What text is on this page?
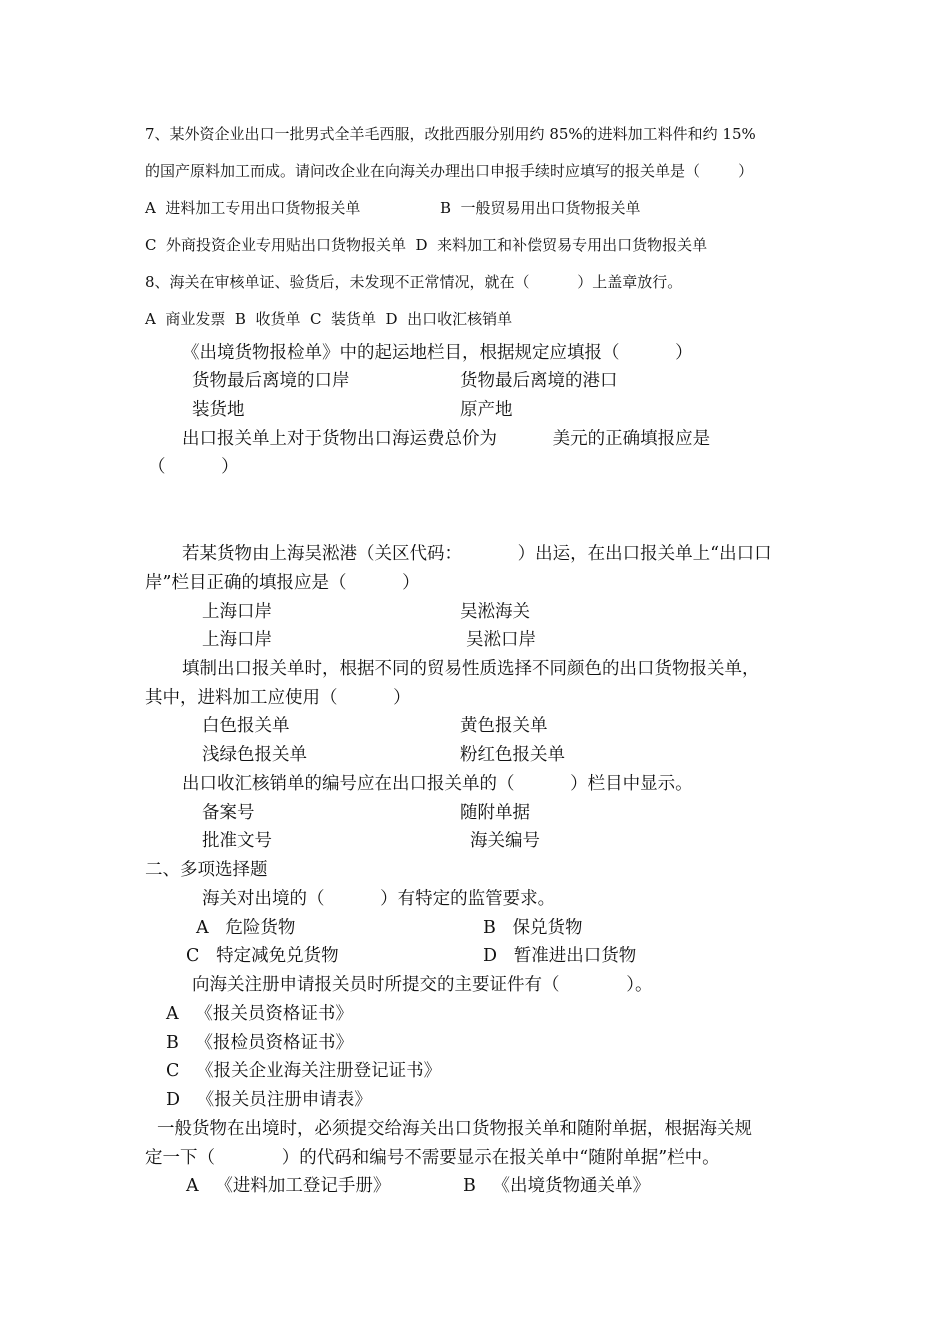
7、某外资企业出口一批男式全羊毛西服，改批西服分别用约 85%的进料加工料件和约 15%
的国产原料加工而成。请问改企业在向海关办理出口申报手续时应填写的报关单是（        ）
A  进料加工专用出口货物报关单	B  一般贸易用出口货物报关单
C  外商投资企业专用贴出口货物报关单  D  来料加工和补偿贸易专用出口货物报关单
8、海关在审核单证、验货后，未发现不正常情况，就在（          ）上盖章放行。
A  商业发票  B  收货单  C  装货单  D  出口收汇核销单
《出境货物报检单》中的起运地栏目，根据规定应填报（          ）
货物最后离境的口岸	货物最后离境的港口
装货地	原产地
出口报关单上对于货物出口海运费总价为          美元的正确填报应是
（          ）
若某货物由上海吴淞港（关区代码：          ）出运，在出口报关单上“出口口
岸”栏目正确的填报应是（          ）
上海口岸	吴淞海关
上海口岸	吴淞口岸
填制出口报关单时，根据不同的贸易性质选择不同颜色的出口货物报关单，
其中，进料加工应使用（          ）
白色报关单	黄色报关单
浅绿色报关单	粉红色报关单
出口收汇核销单的编号应在出口报关单的（          ）栏目中显示。
备案号	随附单据
批准文号	海关编号
二、多项选择题
海关对出境的（          ）有特定的监管要求。
A   危险货物	B   保兑货物
C   特定减免兑货物	D   暂准进出口货物
向海关注册申请报关员时所提交的主要证件有（            ）。
A   《报关员资格证书》
B   《报检员资格证书》
C   《报关企业海关注册登记证书》
D   《报关员注册申请表》
一般货物在出境时，必须提交给海关出口货物报关单和随附单据，根据海关规
定一下（            ）的代码和编号不需要显示在报关单中“随附单据”栏中。
A   《进料加工登记手册》	B   《出境货物通关单》
